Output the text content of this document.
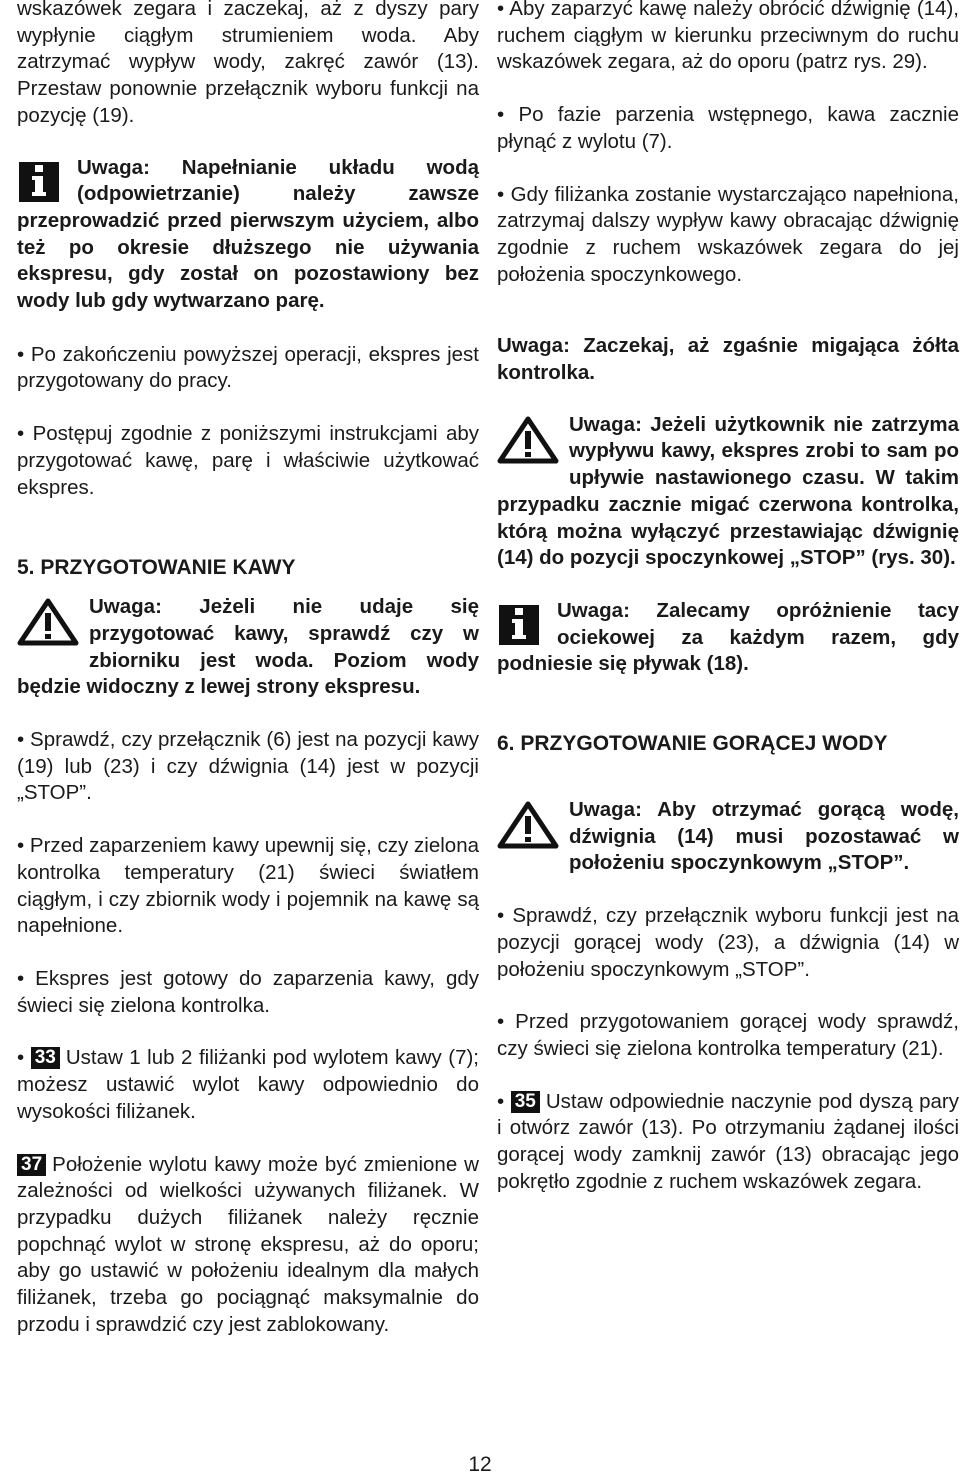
wskazówek zegara i zaczekaj, aż z dyszy pary wypłynie ciągłym strumieniem woda. Aby zatrzymać wypływ wody, zakręć zawór (13). Przestaw ponownie przełącznik wyboru funkcji na pozycję (19).

Uwaga: Napełnianie układu wodą (odpowietrzanie) należy zawsze przeprowadzić przed pierwszym użyciem, albo też po okresie dłuższego nie używania ekspresu, gdy został on pozostawiony bez wody lub gdy wytwarzano parę.

• Po zakończeniu powyższej operacji, ekspres jest przygotowany do pracy.

• Postępuj zgodnie z poniższymi instrukcjami aby przygotować kawę, parę i właściwie użytkować ekspres.

5. PRZYGOTOWANIE KAWY

Uwaga: Jeżeli nie udaje się przygotować kawy, sprawdź czy w zbiorniku jest woda. Poziom wody będzie widoczny z lewej strony ekspresu.

• Sprawdź, czy przełącznik (6) jest na pozycji kawy (19) lub (23) i czy dźwignia (14) jest w pozycji „STOP”.

• Przed zaparzeniem kawy upewnij się, czy zielona kontrolka temperatury (21) świeci światłem ciągłym, i czy zbiornik wody i pojemnik na kawę są napełnione.

• Ekspres jest gotowy do zaparzenia kawy, gdy świeci się zielona kontrolka.

• 33 Ustaw 1 lub 2 filiżanki pod wylotem kawy (7); możesz ustawić wylot kawy odpowiednio do wysokości filiżanek.

37 Położenie wylotu kawy może być zmienione w zależności od wielkości używanych filiżanek. W przypadku dużych filiżanek należy ręcznie popchnąć wylot w stronę ekspresu, aż do oporu; aby go ustawić w położeniu idealnym dla małych filiżanek, trzeba go pociągnąć maksymalnie do przodu i sprawdzić czy jest zablokowany.

• Aby zaparzyć kawę należy obrócić dźwignię (14), ruchem ciągłym w kierunku przeciwnym do ruchu wskazówek zegara, aż do oporu (patrz rys. 29).

• Po fazie parzenia wstępnego, kawa zacznie płynąć z wylotu (7).

• Gdy filiżanka zostanie wystarczająco napełniona, zatrzymaj dalszy wypływ kawy obracając dźwignię zgodnie z ruchem wskazówek zegara do jej położenia spoczynkowego.

Uwaga: Zaczekaj, aż zgaśnie migająca żółta kontrolka.

Uwaga: Jeżeli użytkownik nie zatrzyma wypływu kawy, ekspres zrobi to sam po upływie nastawionego czasu. W takim przypadku zacznie migać czerwona kontrolka, którą można wyłączyć przestawiając dźwignię (14) do pozycji spoczynkowej „STOP” (rys. 30).

Uwaga: Zalecamy opróżnienie tacy ociekowej za każdym razem, gdy podniesie się pływak (18).

6. PRZYGOTOWANIE GORĄCEJ WODY

Uwaga: Aby otrzymać gorącą wodę, dźwignia (14) musi pozostawać w położeniu spoczynkowym „STOP”.

• Sprawdź, czy przełącznik wyboru funkcji jest na pozycji gorącej wody (23), a dźwignia (14) w położeniu spoczynkowym „STOP”.

• Przed przygotowaniem gorącej wody sprawdź, czy świeci się zielona kontrolka temperatury (21).

• 35 Ustaw odpowiednie naczynie pod dyszą pary i otwórz zawór (13). Po otrzymaniu żądanej ilości gorącej wody zamknij zawór (13) obracając jego pokrętło zgodnie z ruchem wskazówek zegara.

12
